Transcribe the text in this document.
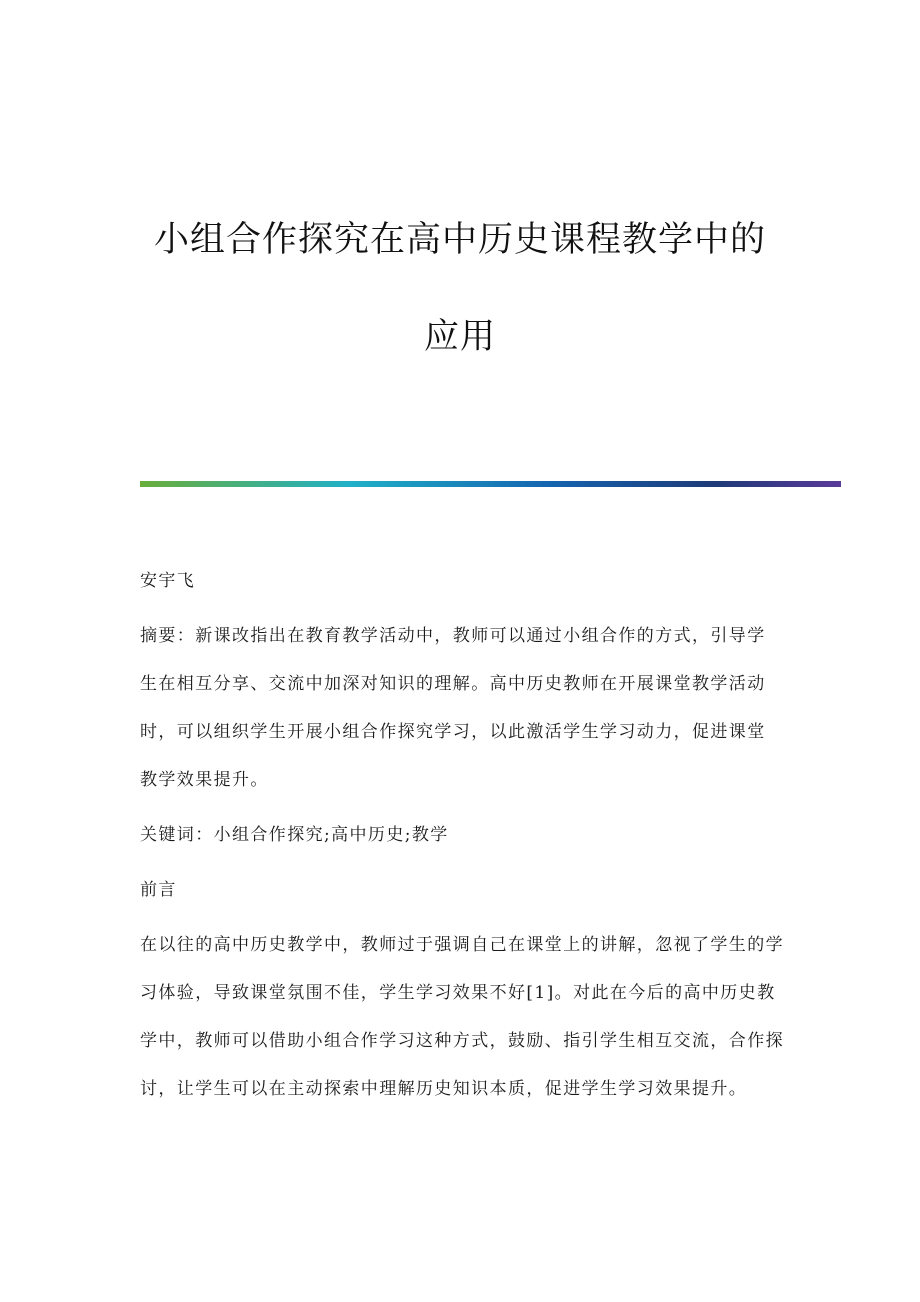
小组合作探究在高中历史课程教学中的
应用

安宇飞

摘要：新课改指出在教育教学活动中，教师可以通过小组合作的方式，引导学生在相互分享、交流中加深对知识的理解。高中历史教师在开展课堂教学活动时，可以组织学生开展小组合作探究学习，以此激活学生学习动力，促进课堂教学效果提升。

关键词：小组合作探究;高中历史;教学

前言

在以往的高中历史教学中，教师过于强调自己在课堂上的讲解，忽视了学生的学习体验，导致课堂氛围不佳，学生学习效果不好[1]。对此在今后的高中历史教学中，教师可以借助小组合作学习这种方式，鼓励、指引学生相互交流，合作探讨，让学生可以在主动探索中理解历史知识本质，促进学生学习效果提升。
